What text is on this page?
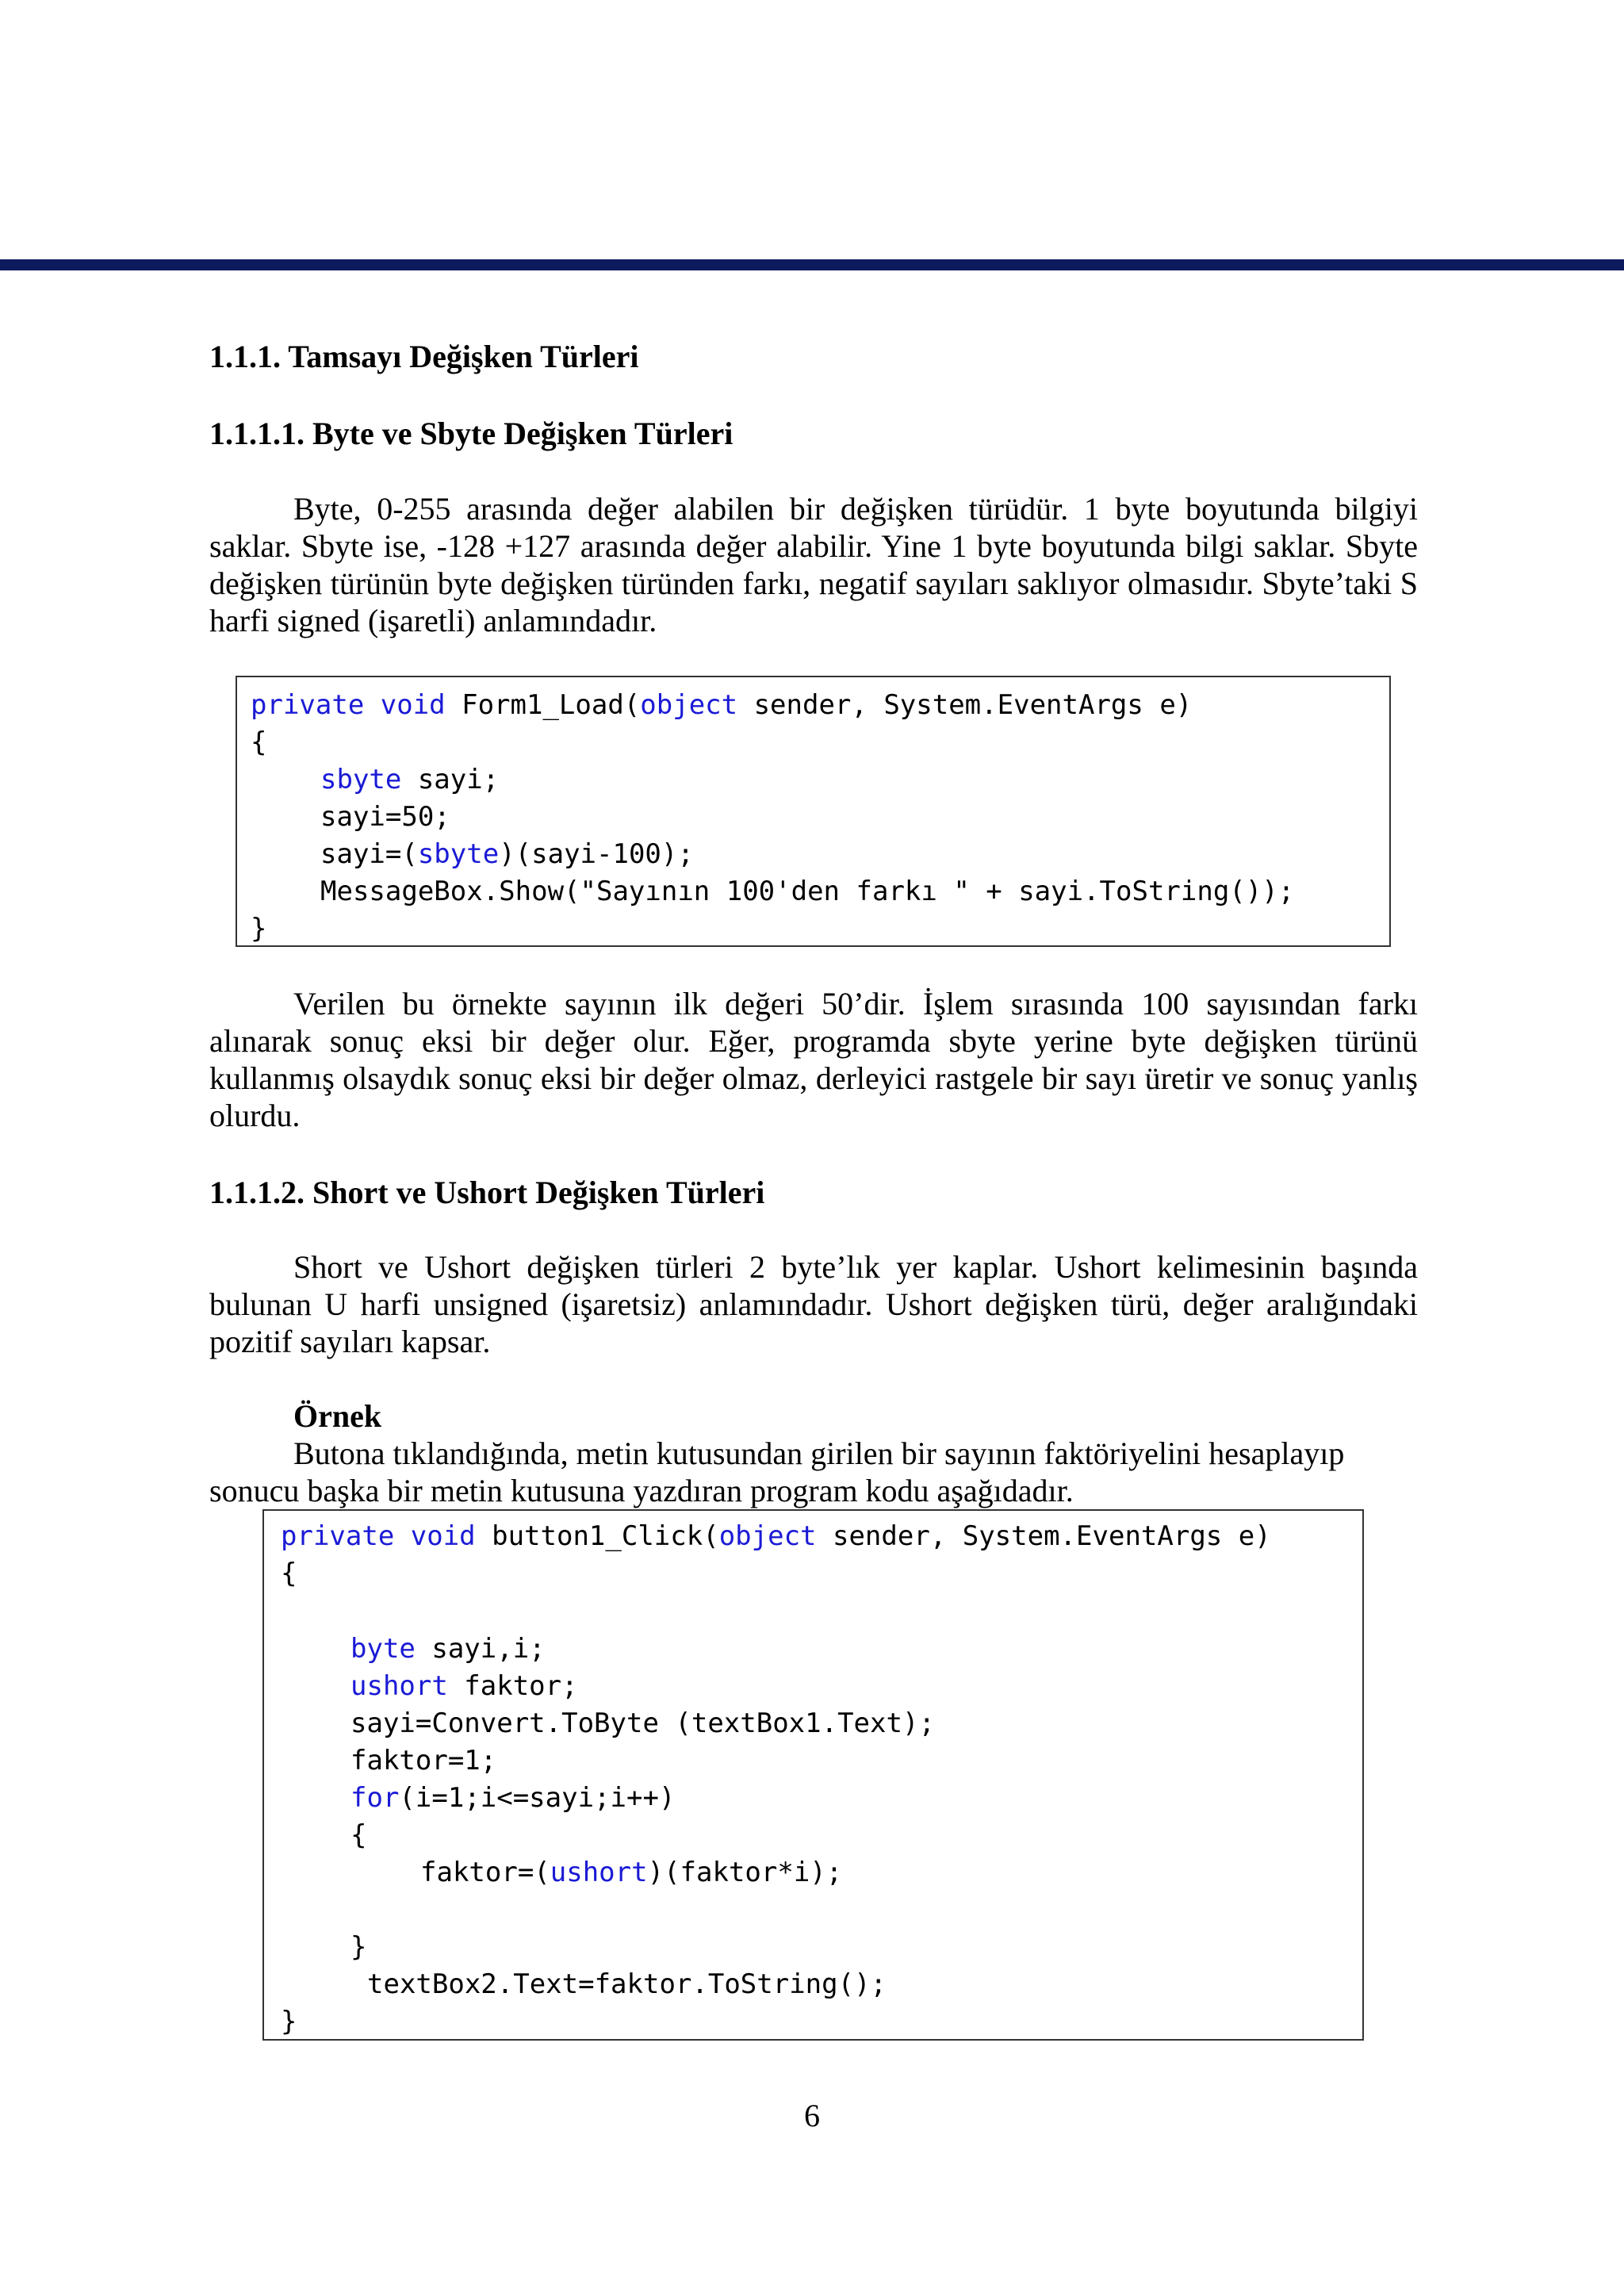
1.1.1. Tamsayı Değişken Türleri
1.1.1.1. Byte ve Sbyte Değişken Türleri

Byte, 0-255 arasında değer alabilen bir değişken türüdür. 1 byte boyutunda bilgiyi saklar. Sbyte ise, -128 +127 arasında değer alabilir. Yine 1 byte boyutunda bilgi saklar. Sbyte değişken türünün byte değişken türünden farkı, negatif sayıları saklıyor olmasıdır. Sbyte’taki S harfi signed (işaretli) anlamındadır.

private void Form1_Load(object sender, System.EventArgs e)
{
sbyte sayi;
sayi=50;
sayi=(sbyte)(sayi-100);
MessageBox.Show("Sayının 100'den farkı " + sayi.ToString());
}

Verilen bu örnekte sayının ilk değeri 50’dir. İşlem sırasında 100 sayısından farkı alınarak sonuç eksi bir değer olur. Eğer, programda sbyte yerine byte değişken türünü kullanmış olsaydık sonuç eksi bir değer olmaz, derleyici rastgele bir sayı üretir ve sonuç yanlış olurdu.

1.1.1.2. Short ve Ushort Değişken Türleri

Short ve Ushort değişken türleri 2 byte’lık yer kaplar. Ushort kelimesinin başında bulunan U harfi unsigned (işaretsiz) anlamındadır. Ushort değişken türü, değer aralığındaki pozitif sayıları kapsar.

Örnek

Butona tıklandığında, metin kutusundan girilen bir sayının faktöriyelini hesaplayıp

sonucu başka bir metin kutusuna yazdıran program kodu aşağıdadır.

private void button1_Click(object sender, System.EventArgs e)
{
byte sayi,i;
ushort faktor;
sayi=Convert.ToByte (textBox1.Text);
faktor=1;
for(i=1;i<=sayi;i++)
{
faktor=(ushort)(faktor*i);
}
textBox2.Text=faktor.ToString();
}
6
